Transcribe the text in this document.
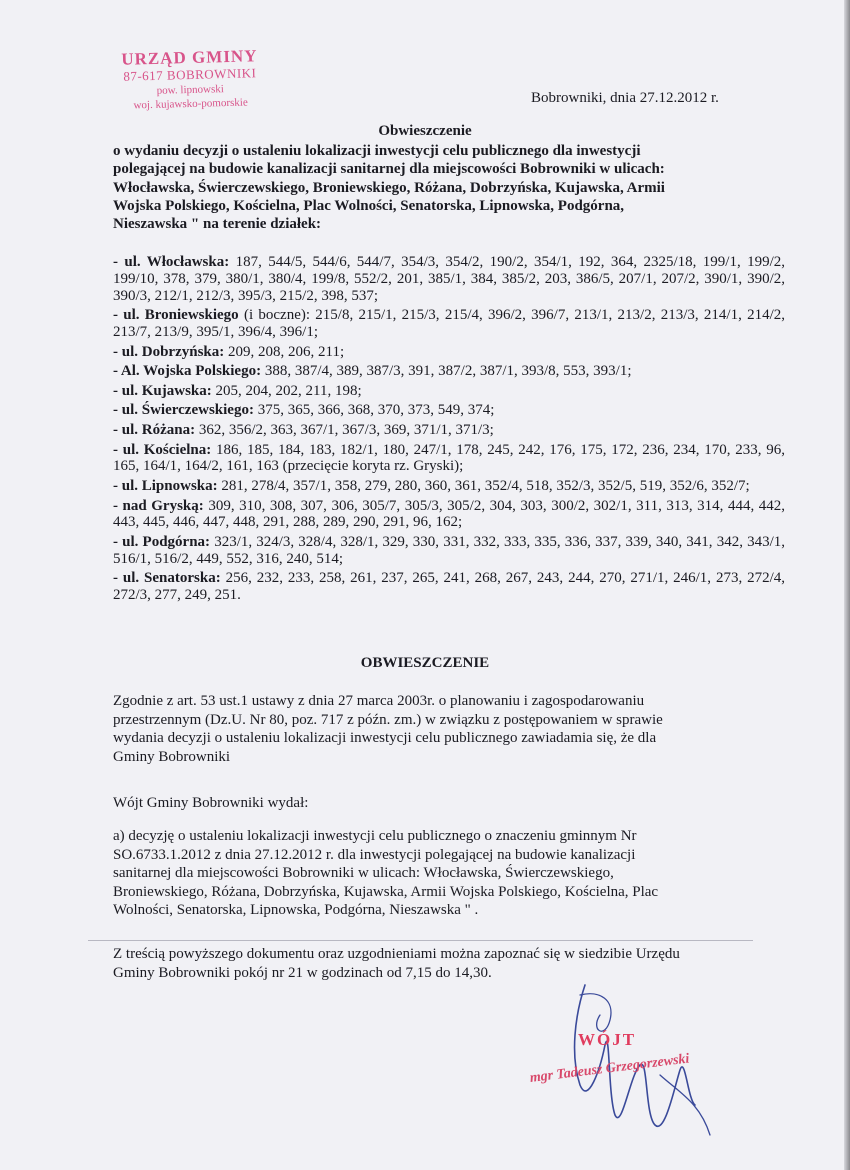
URZĄD GMINY
87-617 BOBROWNIKI
pow. lipnowski
woj. kujawsko-pomorskie	Bobrowniki, dnia 27.12.2012 r.
Obwieszczenie
o wydaniu decyzji o ustaleniu lokalizacji inwestycji celu publicznego dla inwestycji
polegającej na budowie kanalizacji sanitarnej dla miejscowości Bobrowniki w ulicach:
Włocławska, Świerczewskiego, Broniewskiego, Różana, Dobrzyńska, Kujawska, Armii
Wojska Polskiego, Kościelna, Plac Wolności, Senatorska, Lipnowska, Podgórna,
Nieszawska " na terenie działek:

- ul. Włocławska: 187, 544/5, 544/6, 544/7, 354/3, 354/2, 190/2, 354/1, 192, 364, 2325/18, 199/1, 199/2, 199/10, 378, 379, 380/1, 380/4, 199/8, 552/2, 201, 385/1, 384, 385/2, 203, 386/5, 207/1, 207/2, 390/1, 390/2, 390/3, 212/1, 212/3, 395/3, 215/2, 398, 537;

- ul. Broniewskiego (i boczne): 215/8, 215/1, 215/3, 215/4, 396/2, 396/7, 213/1, 213/2, 213/3, 214/1, 214/2, 213/7, 213/9, 395/1, 396/4, 396/1;

- ul. Dobrzyńska: 209, 208, 206, 211;

- Al. Wojska Polskiego: 388, 387/4, 389, 387/3, 391, 387/2, 387/1, 393/8, 553, 393/1;

- ul. Kujawska: 205, 204, 202, 211, 198;

- ul. Świerczewskiego: 375, 365, 366, 368, 370, 373, 549, 374;

- ul. Różana: 362, 356/2, 363, 367/1, 367/3, 369, 371/1, 371/3;

- ul. Kościelna: 186, 185, 184, 183, 182/1, 180, 247/1, 178, 245, 242, 176, 175, 172, 236, 234, 170, 233, 96, 165, 164/1, 164/2, 161, 163 (przecięcie koryta rz. Gryski);

- ul. Lipnowska: 281, 278/4, 357/1, 358, 279, 280, 360, 361, 352/4, 518, 352/3, 352/5, 519, 352/6, 352/7;

- nad Gryską: 309, 310, 308, 307, 306, 305/7, 305/3, 305/2, 304, 303, 300/2, 302/1, 311, 313, 314, 444, 442, 443, 445, 446, 447, 448, 291, 288, 289, 290, 291, 96, 162;

- ul. Podgórna: 323/1, 324/3, 328/4, 328/1, 329, 330, 331, 332, 333, 335, 336, 337, 339, 340, 341, 342, 343/1, 516/1, 516/2, 449, 552, 316, 240, 514;

- ul. Senatorska: 256, 232, 233, 258, 261, 237, 265, 241, 268, 267, 243, 244, 270, 271/1, 246/1, 273, 272/4, 272/3, 277, 249, 251.

OBWIESZCZENIE
Zgodnie z art. 53 ust.1 ustawy z dnia 27 marca 2003r. o planowaniu i zagospodarowaniu
przestrzennym (Dz.U. Nr 80, poz. 717 z późn. zm.) w związku z postępowaniem w sprawie
wydania decyzji o ustaleniu lokalizacji inwestycji celu publicznego zawiadamia się, że dla
Gminy Bobrowniki
Wójt Gminy Bobrowniki wydał:
a) decyzję o ustaleniu lokalizacji inwestycji celu publicznego o znaczeniu gminnym Nr
SO.6733.1.2012 z dnia 27.12.2012 r. dla inwestycji polegającej na budowie kanalizacji
sanitarnej dla miejscowości Bobrowniki w ulicach: Włocławska, Świerczewskiego,
Broniewskiego, Różana, Dobrzyńska, Kujawska, Armii Wojska Polskiego, Kościelna, Plac
Wolności, Senatorska, Lipnowska, Podgórna, Nieszawska " .
Z treścią powyższego dokumentu oraz uzgodnieniami można zapoznać się w siedzibie Urzędu
Gminy Bobrowniki pokój nr 21 w godzinach od 7,15 do 14,30.
WÓJT
mgr Tadeusz Grzegorzewski
